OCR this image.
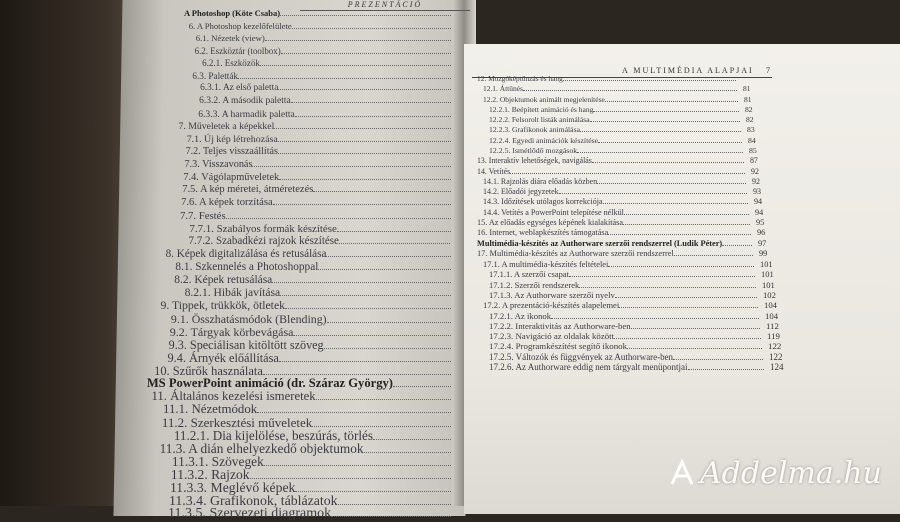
PREZENTÁCIÓ
A MULTIMÉDIA ALAPJAI 7
A Photoshop (Köte Csaba)
6. A Photoshop kezelőfelülete
6.1. Nézetek (view)
6.2. Eszköztár (toolbox)
6.2.1. Eszközök
6.3. Paletták
6.3.1. Az első paletta
6.3.2. A második paletta
6.3.3. A harmadik paletta
7. Műveletek a képekkel
7.1. Új kép létrehozása
7.2. Teljes visszaállítás
7.3. Visszavonás
7.4. Vágólapműveletek
7.5. A kép méretei, átméretezés
7.6. A képek torzítása
7.7. Festés
7.7.1. Szabályos formák készítése
7.7.2. Szabadkézi rajzok készítése
8. Képek digitalizálása és retusálása
8.1. Szkennelés a Photoshoppal
8.2. Képek retusálása
8.2.1. Hibák javítása
9. Tippek, trükkök, ötletek
9.1. Összhatásmódok (Blending)
9.2. Tárgyak körbevágása
9.3. Speciálisan kitöltött szöveg
9.4. Árnyék előállítása
10. Szűrők használata
MS PowerPoint animáció (dr. Száraz György)
11. Általános kezelési ismeretek
11.1. Nézetmódok
11.2. Szerkesztési műveletek
11.2.1. Dia kijelölése, beszúrás, törlés
11.3. A dián elhelyezkedő objektumok
11.3.1. Szövegek
11.3.2. Rajzok
11.3.3. Meglévő képek
11.3.4. Grafikonok, táblázatok
11.3.5. Szervezeti diagramok
12. Mozgóképtűnzás és hang
12.1. Áttűnés	81
12.2. Objektumok animált megjelenítése	81
12.2.1. Beépített animáció és hang	82
12.2.2. Felsorolt listák animálása	82
12.2.3. Grafikonok animálása	83
12.2.4. Egyedi animációk készítése	84
12.2.5. Ismétlődő mozgások	85
13. Interaktív lehetőségek, navigálás	87
14. Vetítés	92
14.1. Rajzolás diára előadás közben	92
14.2. Előadói jegyzetek	93
14.3. Időzítések utólagos korrekciója	94
14.4. Vetítés a PowerPoint telepítése nélkül	94
15. Az előadás egységes képének kialakítása	95
16. Internet, weblapkészítés támogatása	96
Multimédia-készítés az Authorware szerzői rendszerrel (Ludik Péter)	97
17. Multimédia-készítés az Authorware szerzői rendszerrel	99
17.1. A multimédia-készítés feltételei	101
17.1.1. A szerzői csapat	101
17.1.2. Szerzői rendszerek	101
17.1.3. Az Authorware szerzői nyelv	102
17.2. A prezentáció-készítés alapelemei	104
17.2.1. Az ikonok	104
17.2.2. Interaktivitás az Authorware-ben	112
17.2.3. Navigáció az oldalak között	119
17.2.4. Programkészítést segítő ikonok	122
17.2.5. Változók és függvények az Authorware-ben	122
17.2.6. Az Authorware eddig nem tárgyalt menüpontjai	124
Addelma.hu
